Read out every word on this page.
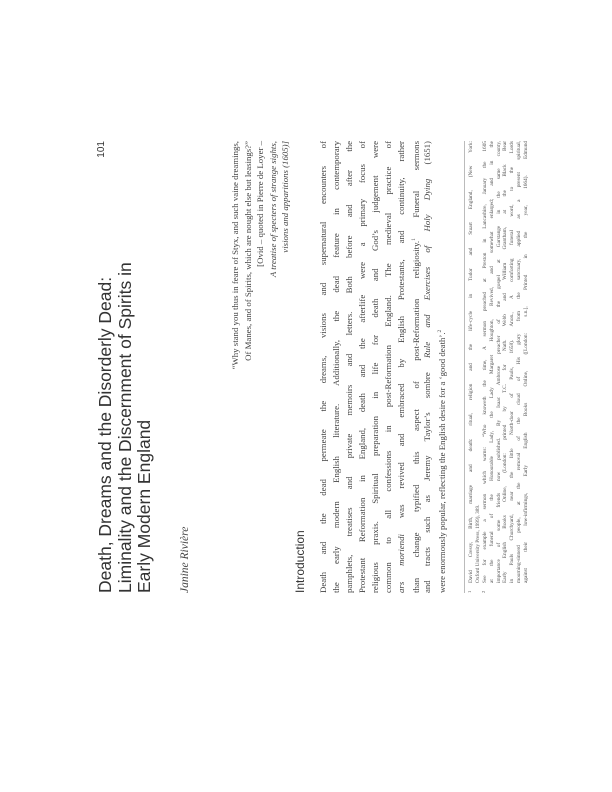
101
Death, Dreams and the Disorderly Dead: Liminality and the Discernment of Spirits in Early Modern England Janine Rivière
“Why stand you thus in feare of Styx, and such vaine dreamings, Of Manes, and of Spirits, which are nought else but leasings?” [Ovid – quoted in Pierre de Loyer – A treatise of specters of strange sights, visions and apparitions (1605)]
Introduction Death and the dead permeate the dreams, visions and supernatural encounters of the early modern English literature. Additionally, the dead feature in contemporary pamphlets, treatises and private memoirs and letters. Both before and after the Protestant Reformation in England, death and the afterlife were a primary focus of religious praxis. Spiritual preparation in life for death and God’s judgement were common to all confessions in post-Reformation England. The medieval practice of ars moriendi was revived and embraced by English Protestants, and continuity, rather than change typified this aspect of post-Reformation religiosity.$^1$ Funeral sermons
and tracts such as Jeremy Taylor’s sombre Rule and Exercises of Holy Dying (1651)
were enormously popular, reflecting the English desire for a ‘good death’.$^2$
1
David Cressy, Birth, marriage and death: ritual, religion and the life-cycle in Tudor and Stuart England, (New York: Oxford University Press, 1999), 389.
2
See for example a sermon which warns: “Who knoweth the time, A sermon preached at Preston in Lancashire, January the 1605 at the funeral of the Honourable Lady, the Lady Margaret Houghton, Revived, and somewhat enlarged; and in the importance of some friends now published. By Isaac Ambrose preacher of the gospel at Garstange in the same county, Early English Books Online, (London: printed by T.C. for Nath. Webb and William Grantham, at the Black Bear in Pauls Churchyard, near the little North-door of Pauls, 1658). Anon., A comforting funeral word, to the Lords mourning-sinnerd people, at the removal of the cloud of His glory from the sanctuary, applied as a present spiritual, against their low-infirmings, Early English Books Online, ([London: s.n.], Printed in the year, 1664). Edmund
